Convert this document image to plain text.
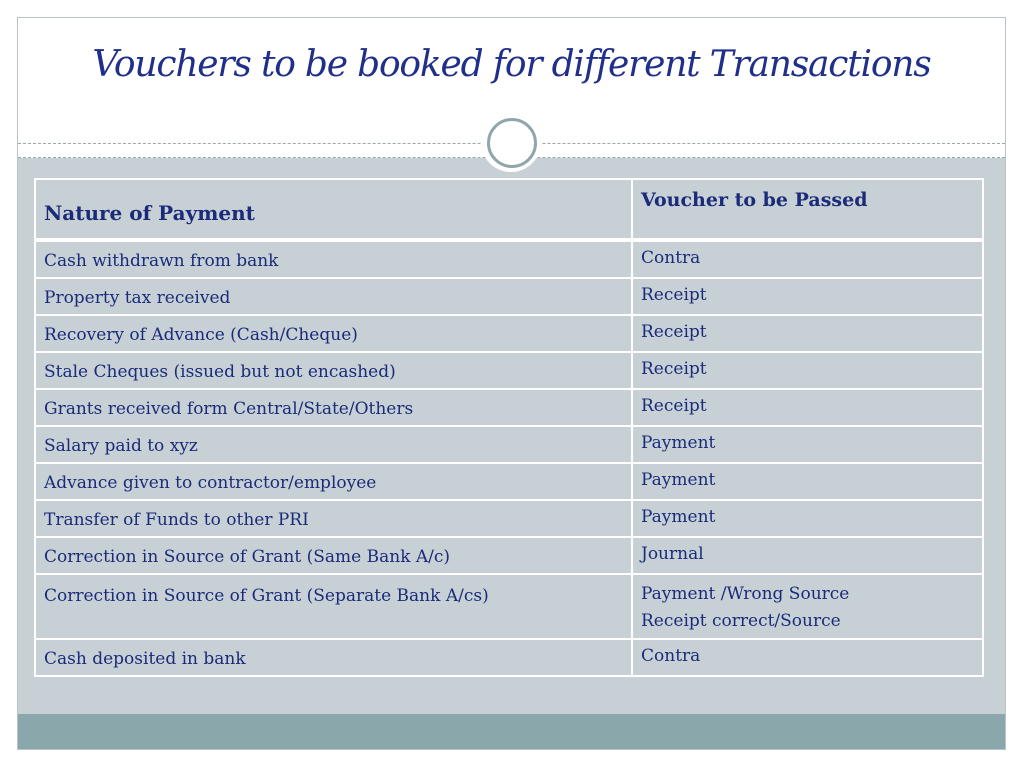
Vouchers to be booked for different Transactions
Nature of Payment	Voucher to be Passed
Cash withdrawn from bank	Contra
Property tax received	Receipt
Recovery of Advance (Cash/Cheque)	Receipt
Stale Cheques (issued but not encashed)	Receipt
Grants received form Central/State/Others	Receipt
Salary paid to xyz	Payment
Advance given to contractor/employee	Payment
Transfer of Funds to other PRI	Payment
Correction in Source of Grant (Same Bank A/c)	Journal
Correction in Source of Grant (Separate Bank A/cs)	Payment /Wrong Source
Receipt correct/Source

Cash deposited in bank	Contra
